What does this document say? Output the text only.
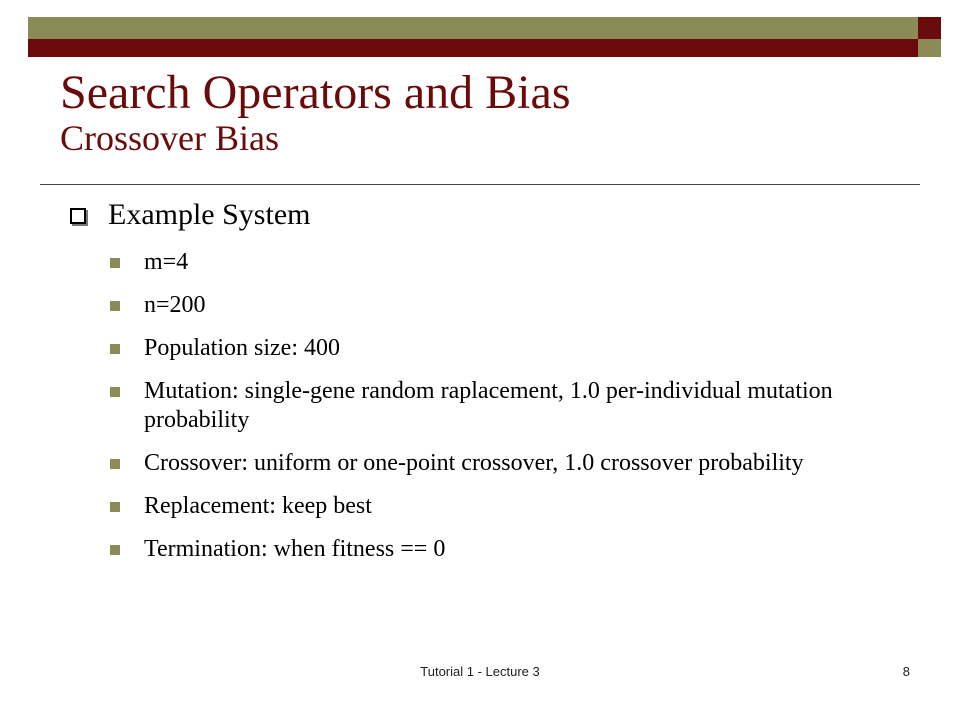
Search Operators and Bias
Crossover Bias
Example System
m=4
n=200
Population size: 400
Mutation: single-gene random raplacement, 1.0 per-individual mutation probability
Crossover: uniform or one-point crossover, 1.0 crossover probability
Replacement: keep best
Termination: when fitness == 0
Tutorial 1 - Lecture 3	8
